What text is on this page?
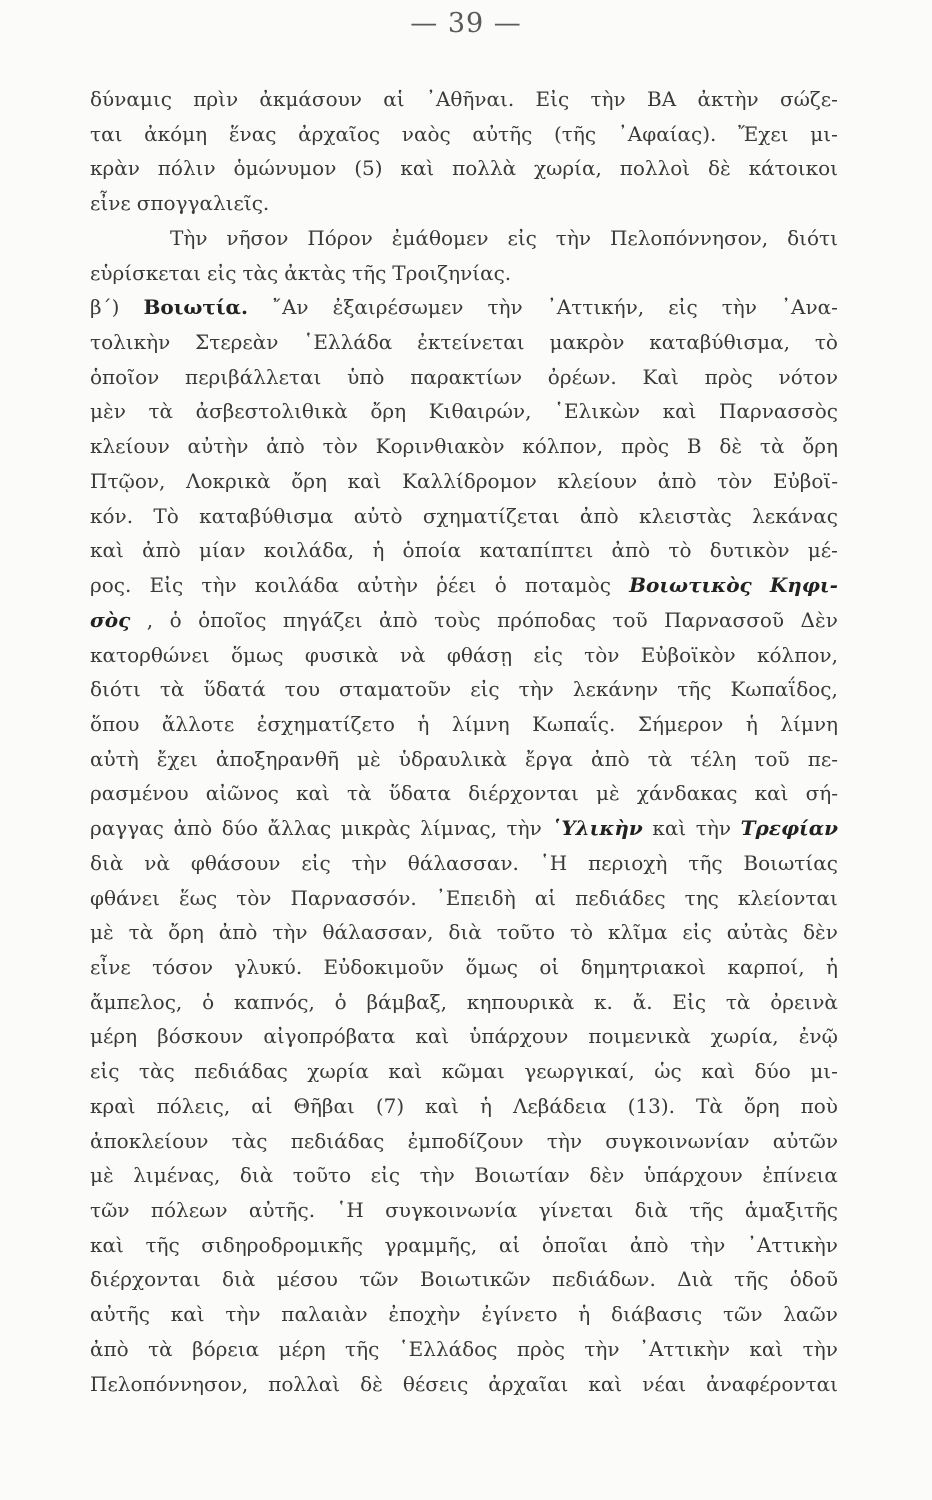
— 39 —
δύναμις πρὶν ἀκμάσουν αἱ ᾿Αθῆναι. Εἰς τὴν ΒΑ ἀκτὴν σώζε-
ται ἀκόμη ἕνας ἀρχαῖος ναὸς αὐτῆς (τῆς ᾿Αφαίας). Ἔχει μι-
κρὰν πόλιν ὁμώνυμον (5) καὶ πολλὰ χωρία, πολλοὶ δὲ κάτοικοι
εἶνε σπογγαλιεῖς.
Τὴν νῆσον Πόρον ἐμάθομεν εἰς τὴν Πελοπόννησον, διότι
εὑρίσκεται εἰς τὰς ἀκτὰς τῆς Τροιζηνίας.
β΄) Βοιωτία. ῎Αν ἐξαιρέσωμεν τὴν ᾿Αττικήν, εἰς τὴν ᾿Ανα-
τολικὴν Στερεὰν ῾Ελλάδα ἐκτείνεται μακρὸν καταβύθισμα, τὸ
ὁποῖον περιβάλλεται ὑπὸ παρακτίων ὀρέων. Καὶ πρὸς νότον
μὲν τὰ ἀσβεστολιθικὰ ὄρη Κιθαιρών, ῾Ελικὼν καὶ Παρνασσὸς
κλείουν αὐτὴν ἀπὸ τὸν Κορινθιακὸν κόλπον, πρὸς Β δὲ τὰ ὄρη
Πτῷον, Λοκρικὰ ὄρη καὶ Καλλίδρομον κλείουν ἀπὸ τὸν Εὐβοϊ-
κόν. Τὸ καταβύθισμα αὐτὸ σχηματίζεται ἀπὸ κλειστὰς λεκάνας
καὶ ἀπὸ μίαν κοιλάδα, ἡ ὁποία καταπίπτει ἀπὸ τὸ δυτικὸν μέ-
ρος. Εἰς τὴν κοιλάδα αὐτὴν ῥέει ὁ ποταμὸς Βοιωτικὸς Κηφι-
σὸς , ὁ ὁποῖος πηγάζει ἀπὸ τοὺς πρόποδας τοῦ Παρνασσοῦ Δὲν
κατορθώνει ὅμως φυσικὰ νὰ φθάσῃ εἰς τὸν Εὐβοϊκὸν κόλπον,
διότι τὰ ὕδατά του σταματοῦν εἰς τὴν λεκάνην τῆς Κωπαΐδος,
ὅπου ἄλλοτε ἐσχηματίζετο ἡ λίμνη Κωπαΐς. Σήμερον ἡ λίμνη
αὐτὴ ἔχει ἀποξηρανθῆ μὲ ὑδραυλικὰ ἔργα ἀπὸ τὰ τέλη τοῦ πε-
ρασμένου αἰῶνος καὶ τὰ ὕδατα διέρχονται μὲ χάνδακας καὶ σή-
ραγγας ἀπὸ δύο ἄλλας μικρὰς λίμνας, τὴν ῾Υλικὴν καὶ τὴν Τρεφίαν
διὰ νὰ φθάσουν εἰς τὴν θάλασσαν. ῾Η περιοχὴ τῆς Βοιωτίας
φθάνει ἕως τὸν Παρνασσόν. ᾿Επειδὴ αἱ πεδιάδες της κλείονται
μὲ τὰ ὄρη ἀπὸ τὴν θάλασσαν, διὰ τοῦτο τὸ κλῖμα εἰς αὐτὰς δὲν
εἶνε τόσον γλυκύ. Εὐδοκιμοῦν ὅμως οἱ δημητριακοὶ καρποί, ἡ
ἄμπελος, ὁ καπνός, ὁ βάμβαξ, κηπουρικὰ κ. ἄ. Εἰς τὰ ὀρεινὰ
μέρη βόσκουν αἰγοπρόβατα καὶ ὑπάρχουν ποιμενικὰ χωρία, ἐνῷ
εἰς τὰς πεδιάδας χωρία καὶ κῶμαι γεωργικαί, ὡς καὶ δύο μι-
κραὶ πόλεις, αἱ Θῆβαι (7) καὶ ἡ Λεβάδεια (13). Τὰ ὄρη ποὺ
ἀποκλείουν τὰς πεδιάδας ἐμποδίζουν τὴν συγκοινωνίαν αὐτῶν
μὲ λιμένας, διὰ τοῦτο εἰς τὴν Βοιωτίαν δὲν ὑπάρχουν ἐπίνεια
τῶν πόλεων αὐτῆς. ῾Η συγκοινωνία γίνεται διὰ τῆς ἁμαξιτῆς
καὶ τῆς σιδηροδρομικῆς γραμμῆς, αἱ ὁποῖαι ἀπὸ τὴν ᾿Αττικὴν
διέρχονται διὰ μέσου τῶν Βοιωτικῶν πεδιάδων. Διὰ τῆς ὁδοῦ
αὐτῆς καὶ τὴν παλαιὰν ἐποχὴν ἐγίνετο ἡ διάβασις τῶν λαῶν
ἀπὸ τὰ βόρεια μέρη τῆς ῾Ελλάδος πρὸς τὴν ᾿Αττικὴν καὶ τὴν
Πελοπόννησον, πολλαὶ δὲ θέσεις ἀρχαῖαι καὶ νέαι ἀναφέρονται
